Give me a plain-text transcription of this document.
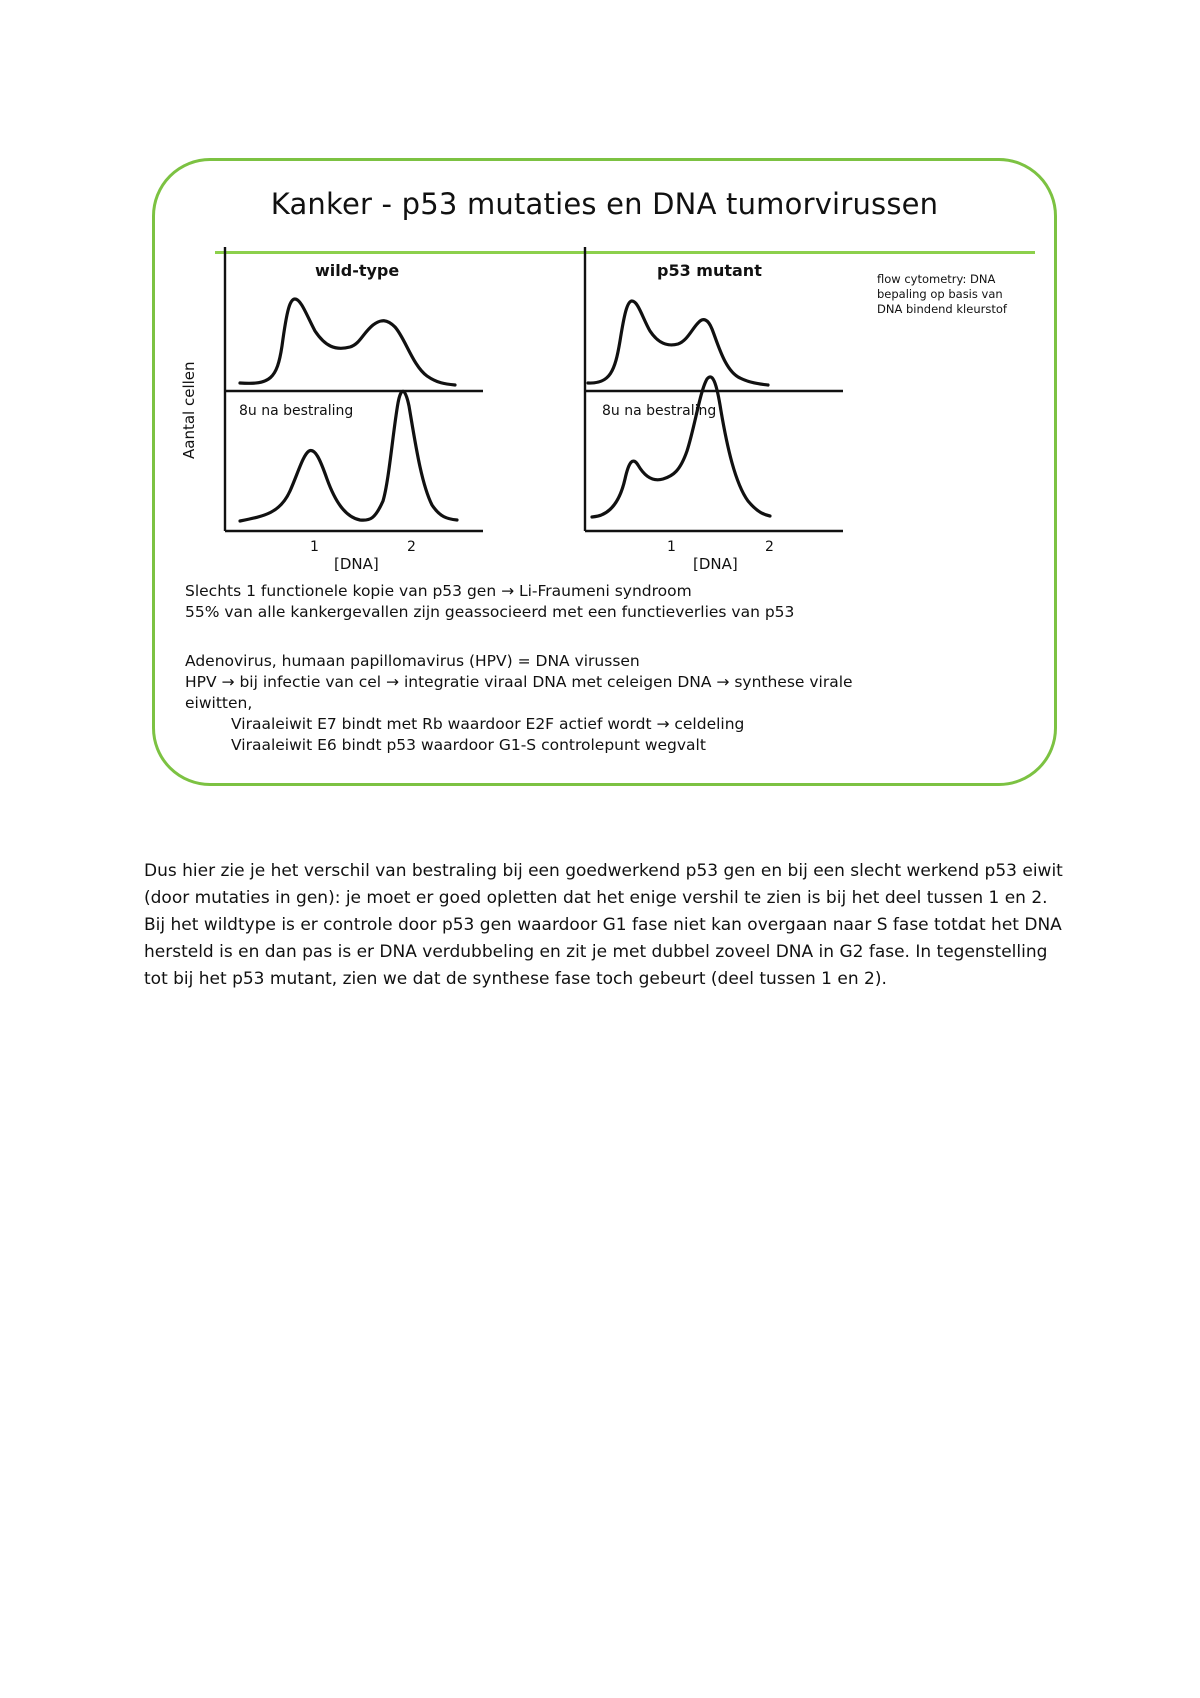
Kanker - p53 mutaties en DNA tumorvirussen
Aantal cellen
wild-type	p53 mutant
8u na bestraling	8u na bestraling
1	2
[DNA]
1	2
[DNA]
flow cytometry: DNA bepaling op basis van DNA bindend kleurstof
Slechts 1 functionele kopie van p53 gen → Li-Fraumeni syndroom
55% van alle kankergevallen zijn geassocieerd met een functieverlies van p53
Adenovirus, humaan papillomavirus (HPV) = DNA virussen
HPV → bij infectie van cel → integratie viraal DNA met celeigen DNA → synthese virale
eiwitten,
Viraaleiwit E7 bindt met Rb waardoor E2F actief wordt → celdeling
Viraaleiwit E6 bindt p53 waardoor G1-S controlepunt wegvalt
Dus hier zie je het verschil van bestraling bij een goedwerkend p53 gen en bij een slecht werkend p53 eiwit (door mutaties in gen): je moet er goed opletten dat het enige vershil te zien is bij het deel tussen 1 en 2. Bij het wildtype is er controle door p53 gen waardoor G1 fase niet kan overgaan naar S fase totdat het DNA hersteld is en dan pas is er DNA verdubbeling en zit je met dubbel zoveel DNA in G2 fase. In tegenstelling tot bij het p53 mutant, zien we dat de synthese fase toch gebeurt (deel tussen 1 en 2).
